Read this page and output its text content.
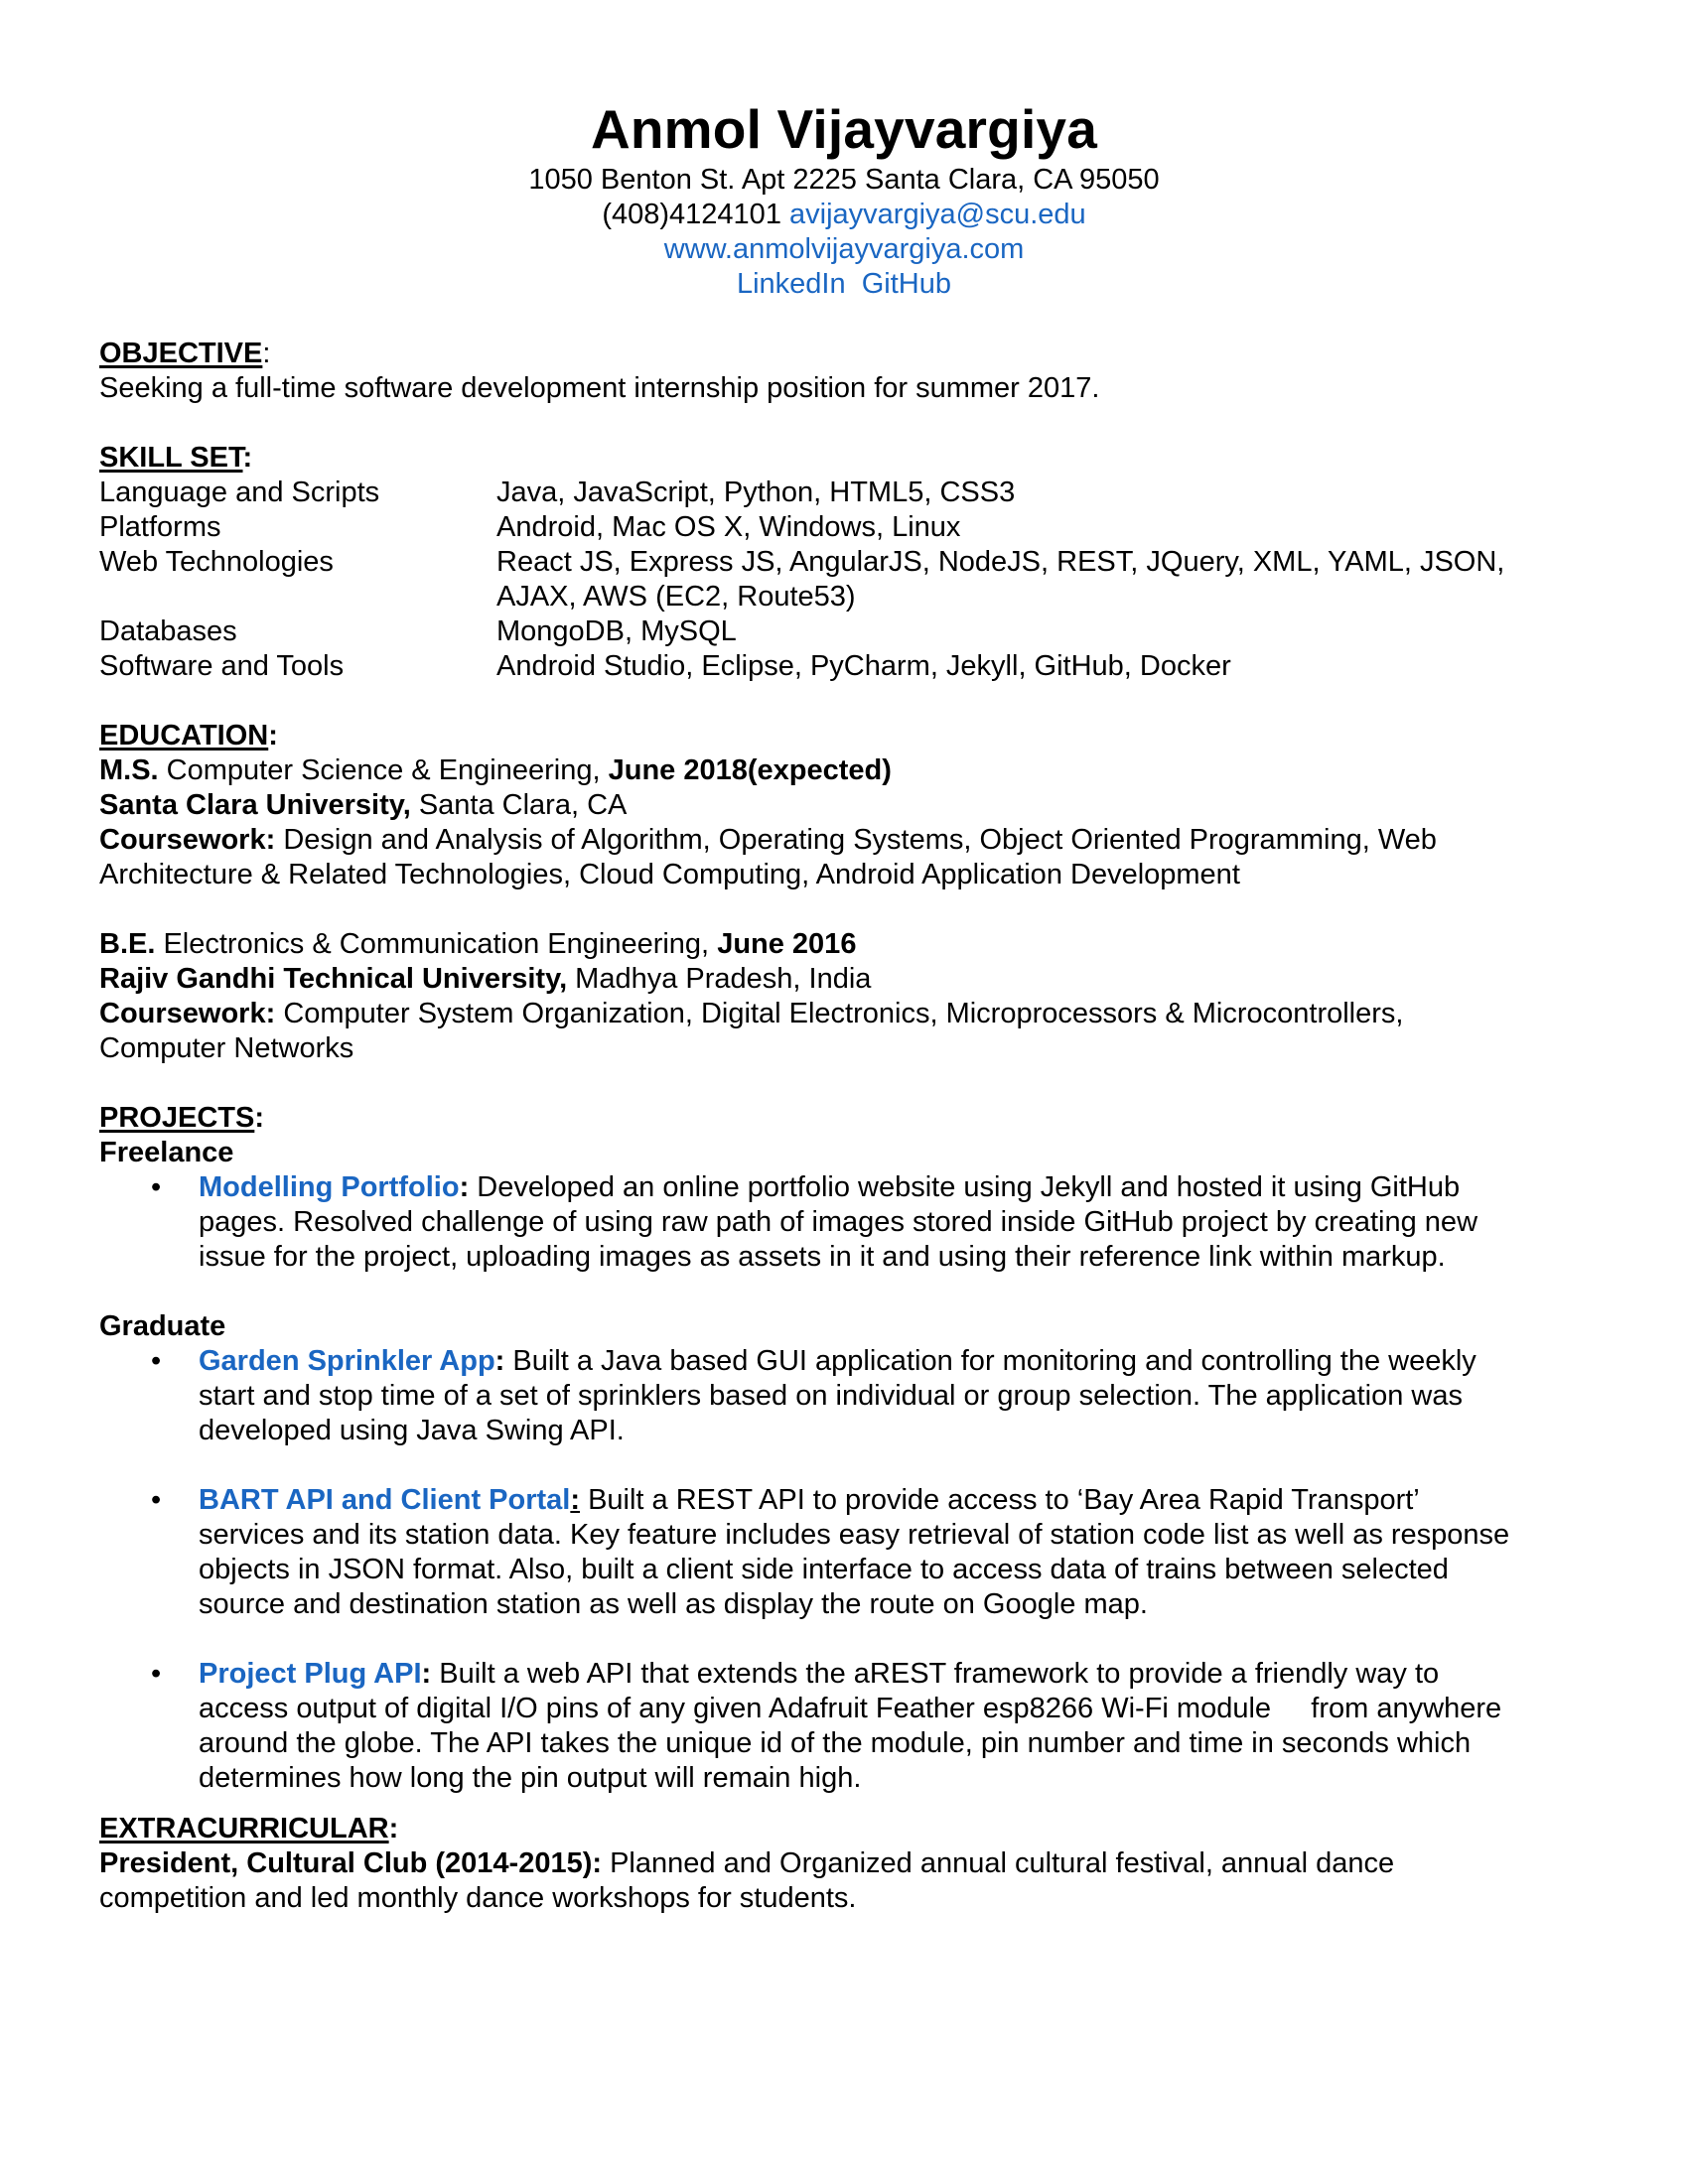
Anmol Vijayvargiya
1050 Benton St. Apt 2225 Santa Clara, CA 95050
(408)4124101 avijayvargiya@scu.edu
www.anmolvijayvargiya.com
LinkedIn GitHub
OBJECTIVE:
Seeking a full-time software development internship position for summer 2017.
SKILL SET:
Language and Scripts	Java, JavaScript, Python, HTML5, CSS3
Platforms	Android, Mac OS X, Windows, Linux
Web Technologies	React JS, Express JS, AngularJS, NodeJS, REST, JQuery, XML, YAML, JSON,
AJAX, AWS (EC2, Route53)
Databases	MongoDB, MySQL
Software and Tools	Android Studio, Eclipse, PyCharm, Jekyll, GitHub, Docker
EDUCATION:
M.S. Computer Science & Engineering, June 2018(expected)
Santa Clara University, Santa Clara, CA
Coursework: Design and Analysis of Algorithm, Operating Systems, Object Oriented Programming, Web
Architecture & Related Technologies, Cloud Computing, Android Application Development
B.E. Electronics & Communication Engineering, June 2016
Rajiv Gandhi Technical University, Madhya Pradesh, India
Coursework: Computer System Organization, Digital Electronics, Microprocessors & Microcontrollers,
Computer Networks
PROJECTS:
Freelance
• Modelling Portfolio: Developed an online portfolio website using Jekyll and hosted it using GitHub
pages. Resolved challenge of using raw path of images stored inside GitHub project by creating new
issue for the project, uploading images as assets in it and using their reference link within markup.
Graduate
• Garden Sprinkler App: Built a Java based GUI application for monitoring and controlling the weekly
start and stop time of a set of sprinklers based on individual or group selection. The application was
developed using Java Swing API.
• BART API and Client Portal: Built a REST API to provide access to ‘Bay Area Rapid Transport’
services and its station data. Key feature includes easy retrieval of station code list as well as response
objects in JSON format. Also, built a client side interface to access data of trains between selected
source and destination station as well as display the route on Google map.
• Project Plug API: Built a web API that extends the aREST framework to provide a friendly way to
access output of digital I/O pins of any given Adafruit Feather esp8266 Wi-Fi module     from anywhere
around the globe. The API takes the unique id of the module, pin number and time in seconds which
determines how long the pin output will remain high.
EXTRACURRICULAR:
President, Cultural Club (2014-2015): Planned and Organized annual cultural festival, annual dance
competition and led monthly dance workshops for students.
